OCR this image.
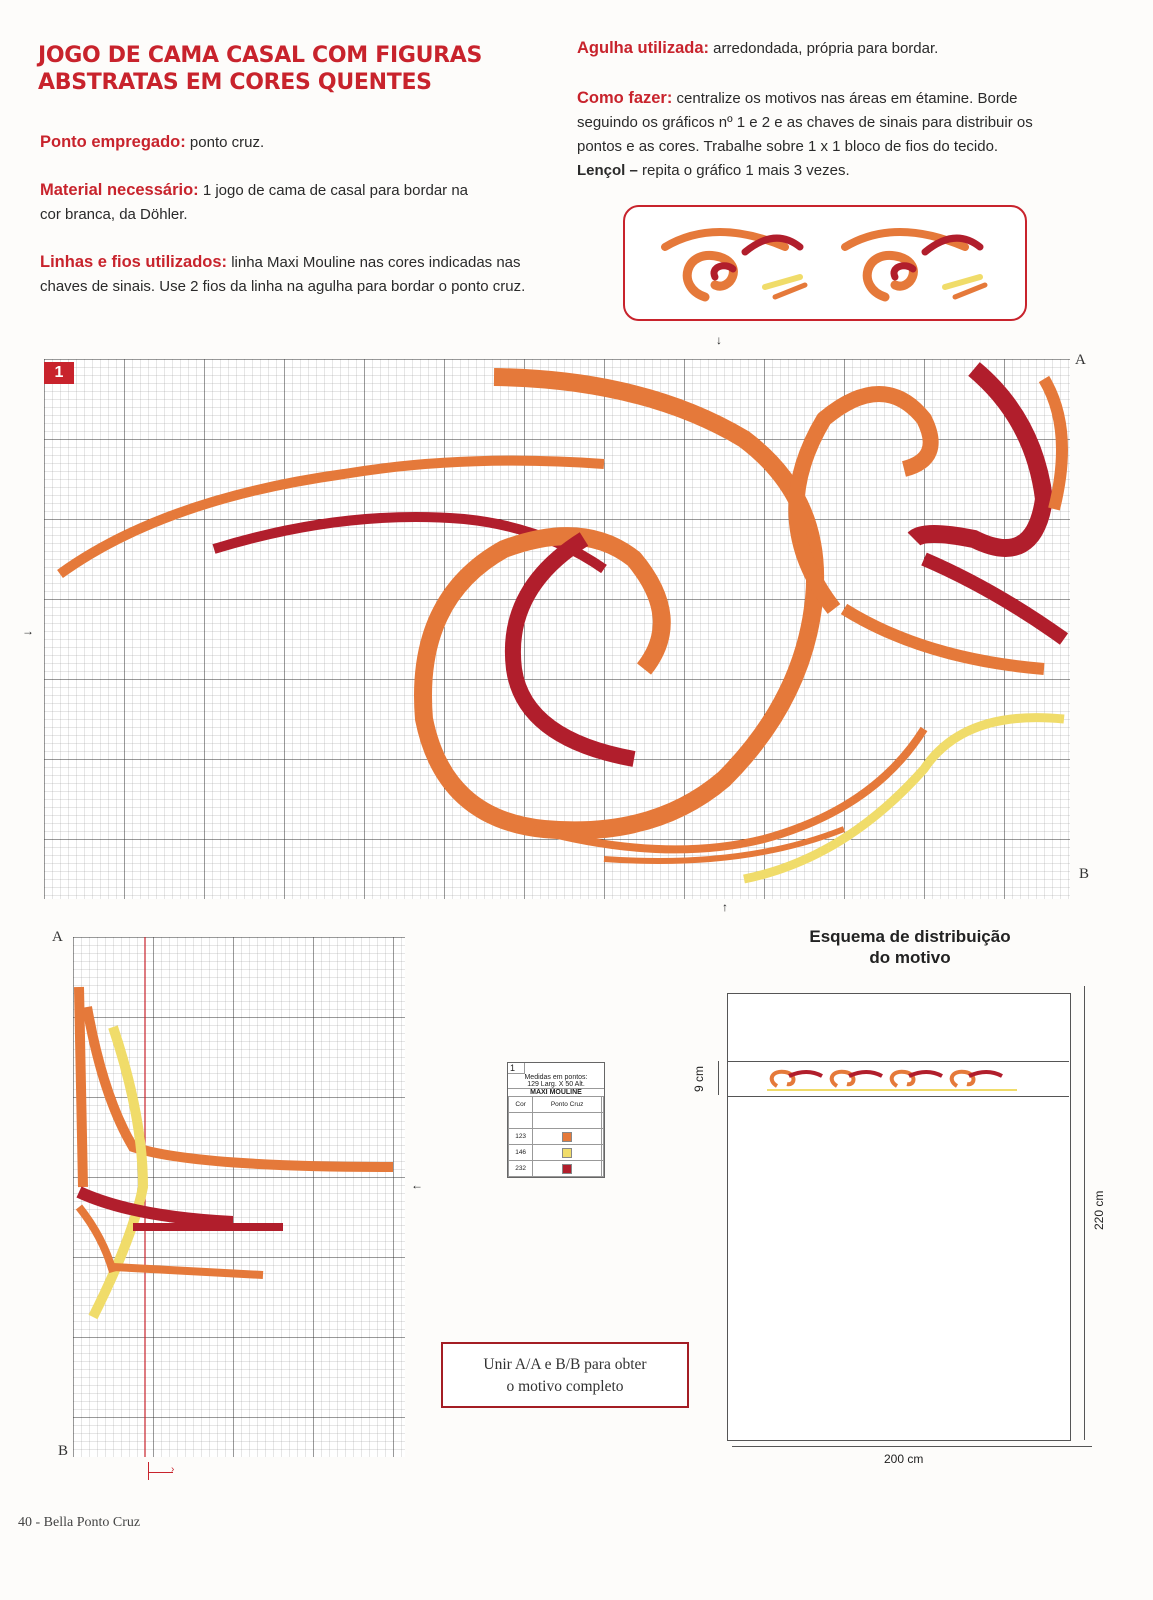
JOGO DE CAMA CASAL COM FIGURAS
ABSTRATAS EM CORES QUENTES
Ponto empregado: ponto cruz.
Material necessário: 1 jogo de cama de casal para bordar na
cor branca, da Döhler.
Linhas e fios utilizados: linha Maxi Mouline nas cores indicadas nas
chaves de sinais. Use 2 fios da linha na agulha para bordar o ponto cruz.
Agulha utilizada: arredondada, própria para bordar.
Como fazer: centralize os motivos nas áreas em étamine. Borde
seguindo os gráficos nº 1 e 2 e as chaves de sinais para distribuir os
pontos e as cores. Trabalhe sobre 1 x 1 bloco de fios do tecido.
Lençol – repita o gráfico 1 mais 3 vezes.
1
A
B
↓
↑
→
A
B
←
›
1
Medidas em pontos:
129 Larg. X 50 Alt.
MAXI MOULINE
Cor	Ponto Cruz	

123		
146		
232		
Unir A/A e B/B para obter
o motivo completo
Esquema de distribuição
do motivo
9 cm
220 cm
200 cm
40 - Bella Ponto Cruz
